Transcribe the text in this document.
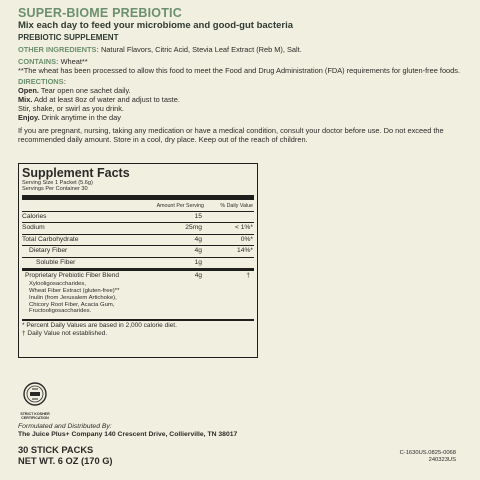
SUPER-BIOME PREBIOTIC
Mix each day to feed your microbiome and good-gut bacteria
PREBIOTIC SUPPLEMENT

OTHER INGREDIENTS: Natural Flavors, Citric Acid, Stevia Leaf Extract (Reb M), Salt.

CONTAINS: Wheat**

**The wheat has been processed to allow this food to meet the Food and Drug Administration (FDA) requirements for gluten-free foods.

DIRECTIONS:

Open. Tear open one sachet daily.

Mix. Add at least 8oz of water and adjust to taste.

Stir, shake, or swirl as you drink.

Enjoy. Drink anytime in the day

If you are pregnant, nursing, taking any medication or have a medical condition, consult your doctor before use. Do not exceed the recommended daily amount. Store in a cool, dry place. Keep out of the reach of children.
Supplement Facts
Serving Size 1 Packet (5.6g)
Servings Per Container 30
Amount Per Serving	% Daily Value
Calories	15
Sodium	25mg	< 1%*
Total Carbohydrate	4g	0%*
Dietary Fiber	4g	14%*
Soluble Fiber	1g
Proprietary Prebiotic Fiber Blend	4g	†
Xylooligosaccharides,
Wheat Fiber Extract (gluten-free)**
Inulin (from Jerusalem Artichoke),
Chicory Root Fiber, Acacia Gum,
Fructooligosaccharides.
* Percent Daily Values are based in 2,000 calorie diet.
† Daily Value not established.
STRICT KOSHER
CERTIFICATION
Formulated and Distributed By:
The Juice Plus+ Company 140 Crescent Drive, Collierville, TN 38017
30 STICK PACKS
NET WT. 6 OZ (170 G)
C-1630US.0825-0068
240323US
